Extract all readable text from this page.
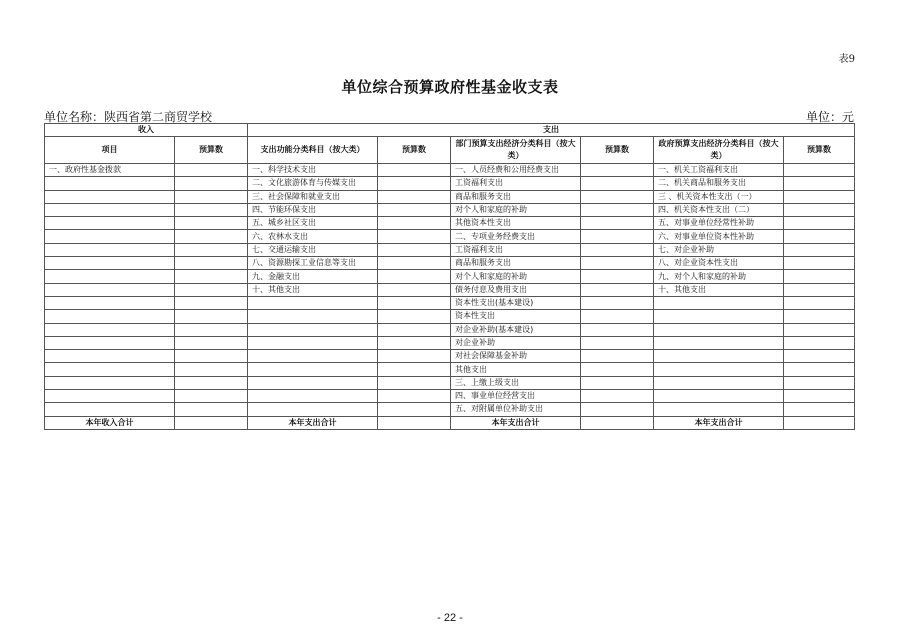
表9
单位综合预算政府性基金收支表
单位名称：陕西省第二商贸学校	单位：元
收入		支出					
项目	预算数	支出功能分类科目（按大类）	预算数	部门预算支出经济分类科目（按大类）	预算数	政府预算支出经济分类科目（按大类）	预算数
一、政府性基金拨款		一、科学技术支出		一、人员经费和公用经费支出		一、机关工资福利支出	
		二、文化旅游体育与传媒支出		工资福利支出		二、机关商品和服务支出	
		三、社会保障和就业支出		商品和服务支出		三 、机关资本性支出（一）	
		四、节能环保支出		对个人和家庭的补助		四、机关资本性支出（二）	
		五、城乡社区支出		其他资本性支出		五、对事业单位经常性补助	
		六、农林水支出		二、专项业务经费支出		六、对事业单位资本性补助	
		七、交通运输支出		工资福利支出		七、对企业补助	
		八、资源勘探工业信息等支出		商品和服务支出		八、对企业资本性支出	
		九、金融支出		对个人和家庭的补助		九、对个人和家庭的补助	
		十、其他支出		债务付息及费用支出		十、其他支出	
				资本性支出(基本建设)			
				资本性支出			
				对企业补助(基本建设)			
				对企业补助			
				对社会保障基金补助			
				其他支出			
				三、上缴上级支出			
				四、事业单位经营支出			
				五、对附属单位补助支出			
本年收入合计		本年支出合计		本年支出合计		本年支出合计	
- 22 -
